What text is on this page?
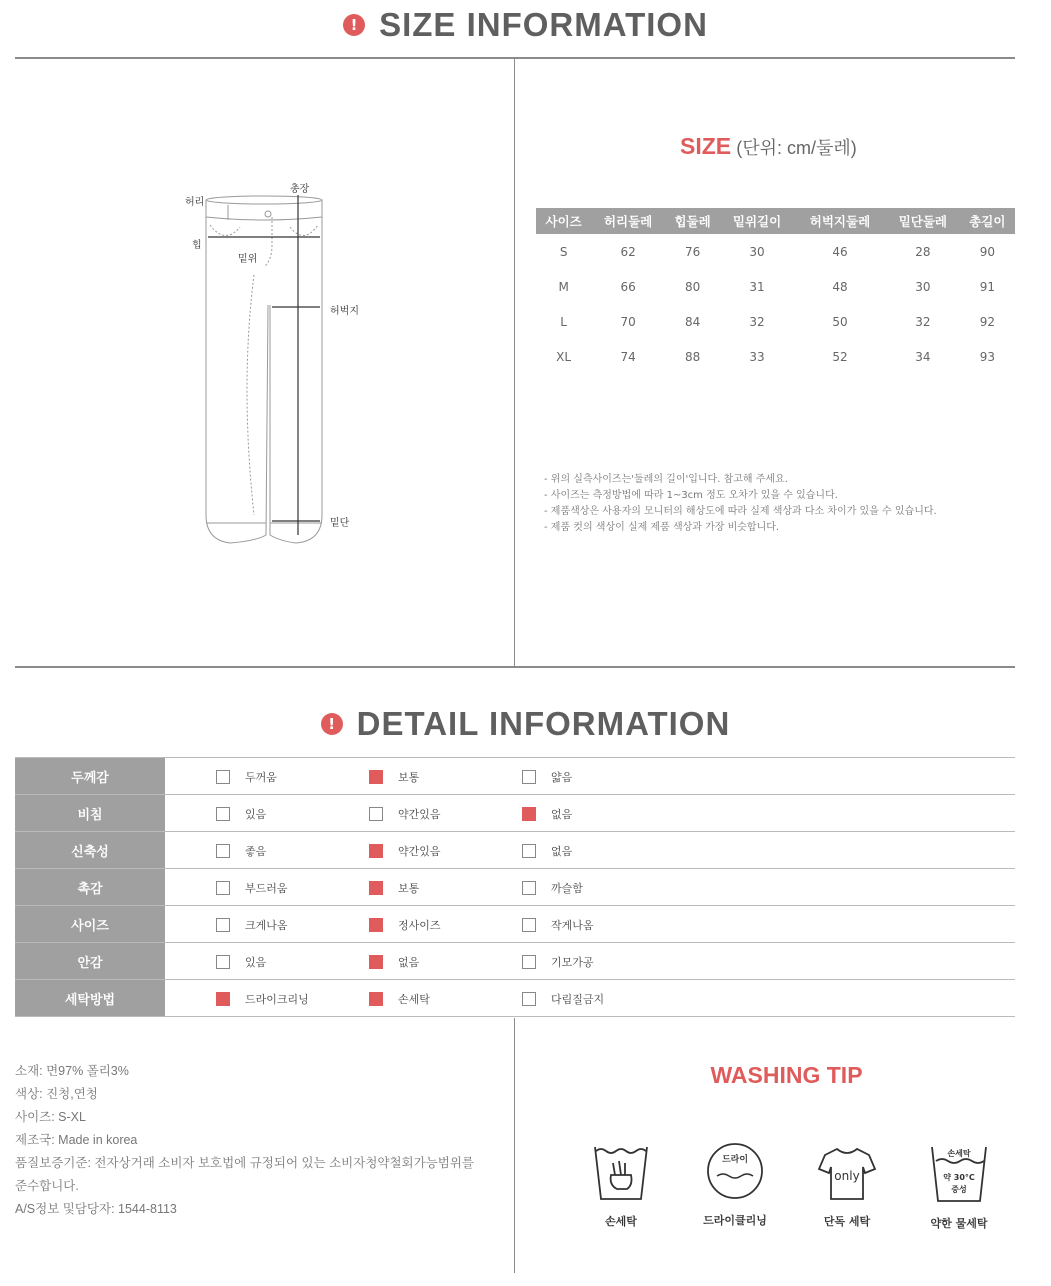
! SIZE INFORMATION
허리
총장
힙
밑위
허벅지
밑단
SIZE (단위: cm/둘레)
사이즈	허리둘레	힙둘레	밑위길이	허벅지둘레	밑단둘레	총길이
S	62	76	30	46	28	90
M	66	80	31	48	30	91
L	70	84	32	50	32	92
XL	74	88	33	52	34	93
- 위의 실측사이즈는'둘레의 길이'입니다. 참고해 주세요.
- 사이즈는 측정방법에 따라 1~3cm 정도 오차가 있을 수 있습니다.
- 제품색상은 사용자의 모니터의 해상도에 따라 실제 색상과 다소 차이가 있을 수 있습니다.
- 제품 컷의 색상이 실제 제품 색상과 가장 비슷합니다.
! DETAIL INFORMATION
두께감	두꺼움	보통	얇음
비침	있음	약간있음	없음
신축성	좋음	약간있음	없음
촉감	부드러움	보통	까슬함
사이즈	크게나옴	정사이즈	작게나옴
안감	있음	없음	기모가공
세탁방법	드라이크리닝	손세탁	다림질금지
소재: 면97% 폴리3%
색상: 진청,연청
사이즈: S-XL
제조국: Made in korea
품질보증기준: 전자상거래 소비자 보호법에 규정되어 있는 소비자청약철회가능범위를
준수합니다.
A/S정보 및담당자: 1544-8113
WASHING TIP
손세탁
드라이
드라이클리닝
only
단독 세탁
손세탁
약 30°C
중성
약한 물세탁
